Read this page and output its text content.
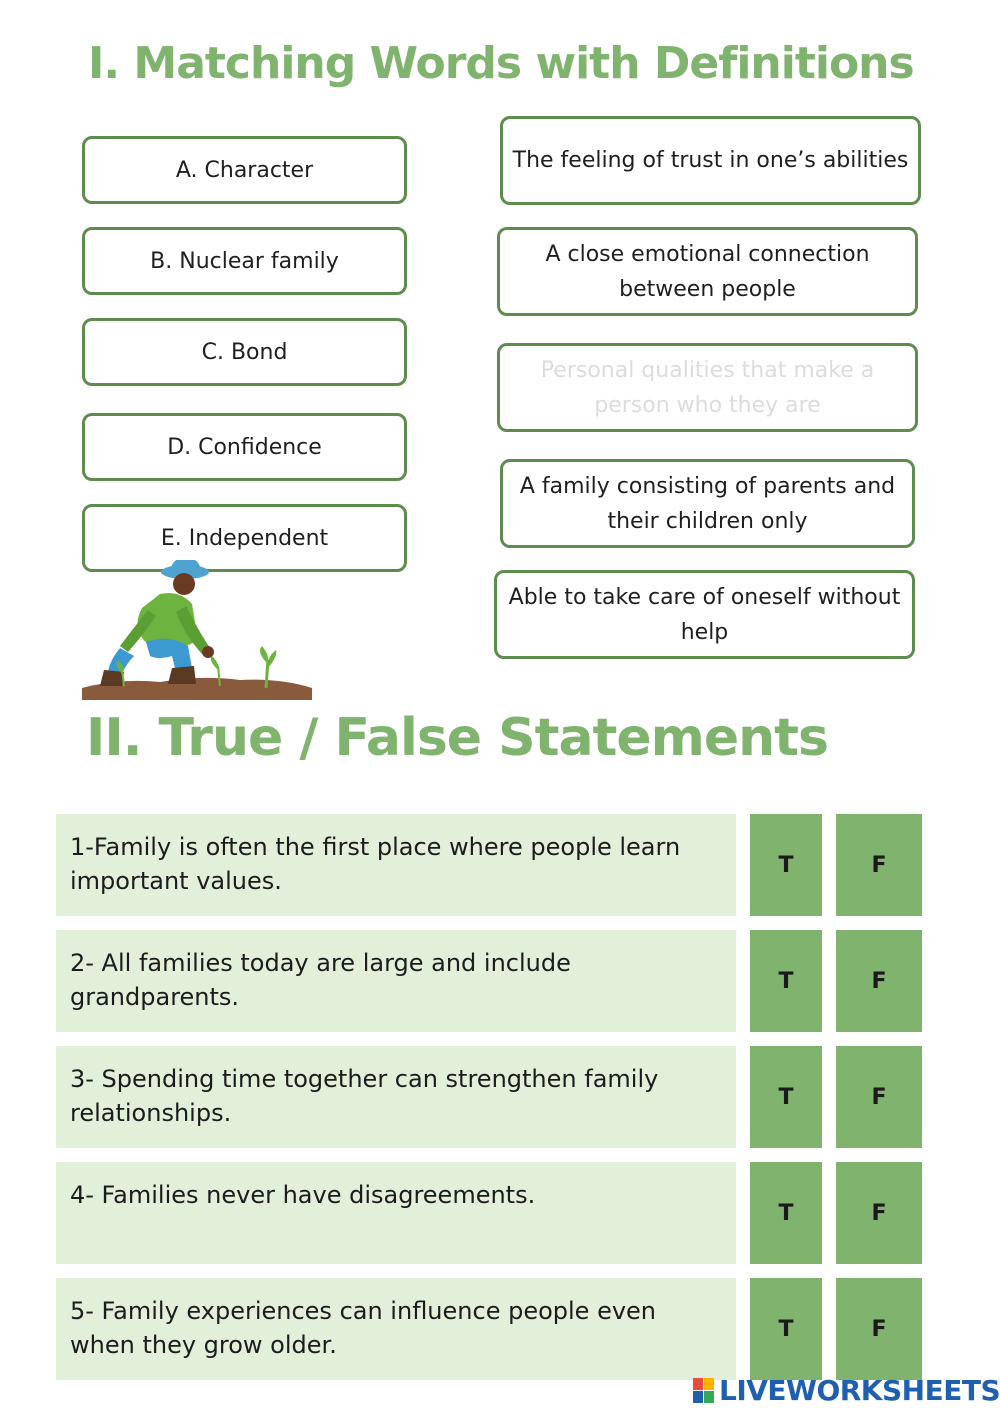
I. Matching Words with Definitions
A. Character
B. Nuclear family
C. Bond
D. Confidence
E. Independent
The feeling of trust in one’s abilities
A close emotional connection between people
Personal qualities that make a person who they are
A family consisting of parents and their children only
Able to take care of oneself without help
II. True / False Statements
1-Family is often the first place where people learn important values.
T	F
2- All families today are large and include grandparents.
T	F
3- Spending time together can strengthen family relationships.
T	F
4- Families never have disagreements.
T	F
5- Family experiences can influence people even when they grow older.
T	F
LIVEWORKSHEETS
